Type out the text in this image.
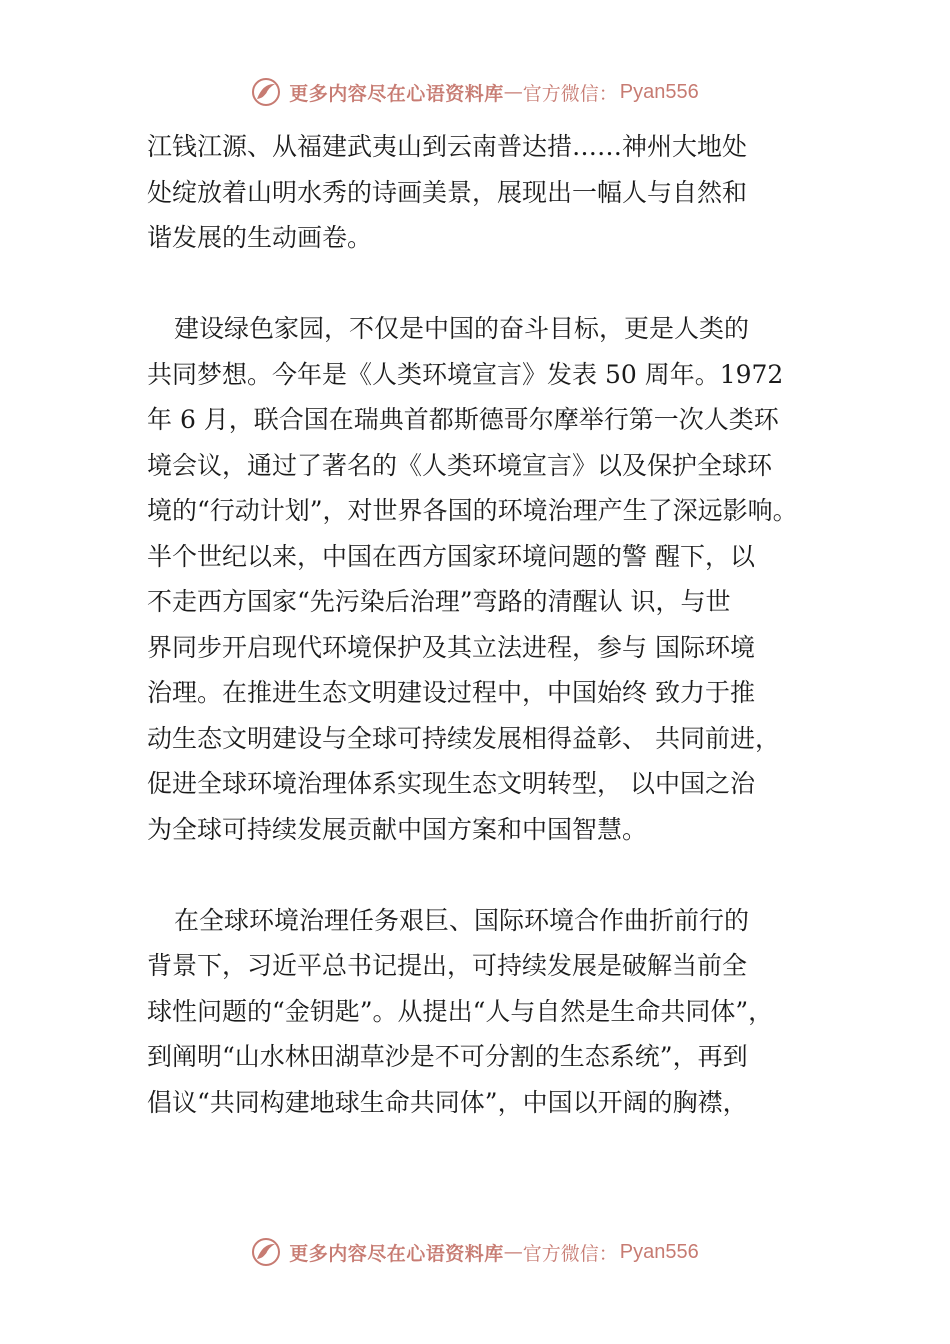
更多内容尽在心语资料库 — 官方微信： Pyan556
江钱江源、从福建武夷山到云南普达措……神州大地处
处绽放着山明水秀的诗画美景，展现出一幅人与自然和
谐发展的生动画卷。
建设绿色家园，不仅是中国的奋斗目标，更是人类的
共同梦想。今年是《人类环境宣言》发表 50 周年。1972
年 6 月，联合国在瑞典首都斯德哥尔摩举行第一次人类环
境会议，通过了著名的《人类环境宣言》以及保护全球环
境的“行动计划”，对世界各国的环境治理产生了深远影响。
半个世纪以来，中国在西方国家环境问题的警 醒下，以
不走西方国家“先污染后治理”弯路的清醒认 识，与世
界同步开启现代环境保护及其立法进程，参与 国际环境
治理。在推进生态文明建设过程中，中国始终 致力于推
动生态文明建设与全球可持续发展相得益彰、 共同前进，
促进全球环境治理体系实现生态文明转型， 以中国之治
为全球可持续发展贡献中国方案和中国智慧。
在全球环境治理任务艰巨、国际环境合作曲折前行的
背景下，习近平总书记提出，可持续发展是破解当前全
球性问题的“金钥匙”。从提出“人与自然是生命共同体”，
到阐明“山水林田湖草沙是不可分割的生态系统”，再到
倡议“共同构建地球生命共同体”，中国以开阔的胸襟，
更多内容尽在心语资料库 — 官方微信： Pyan556
